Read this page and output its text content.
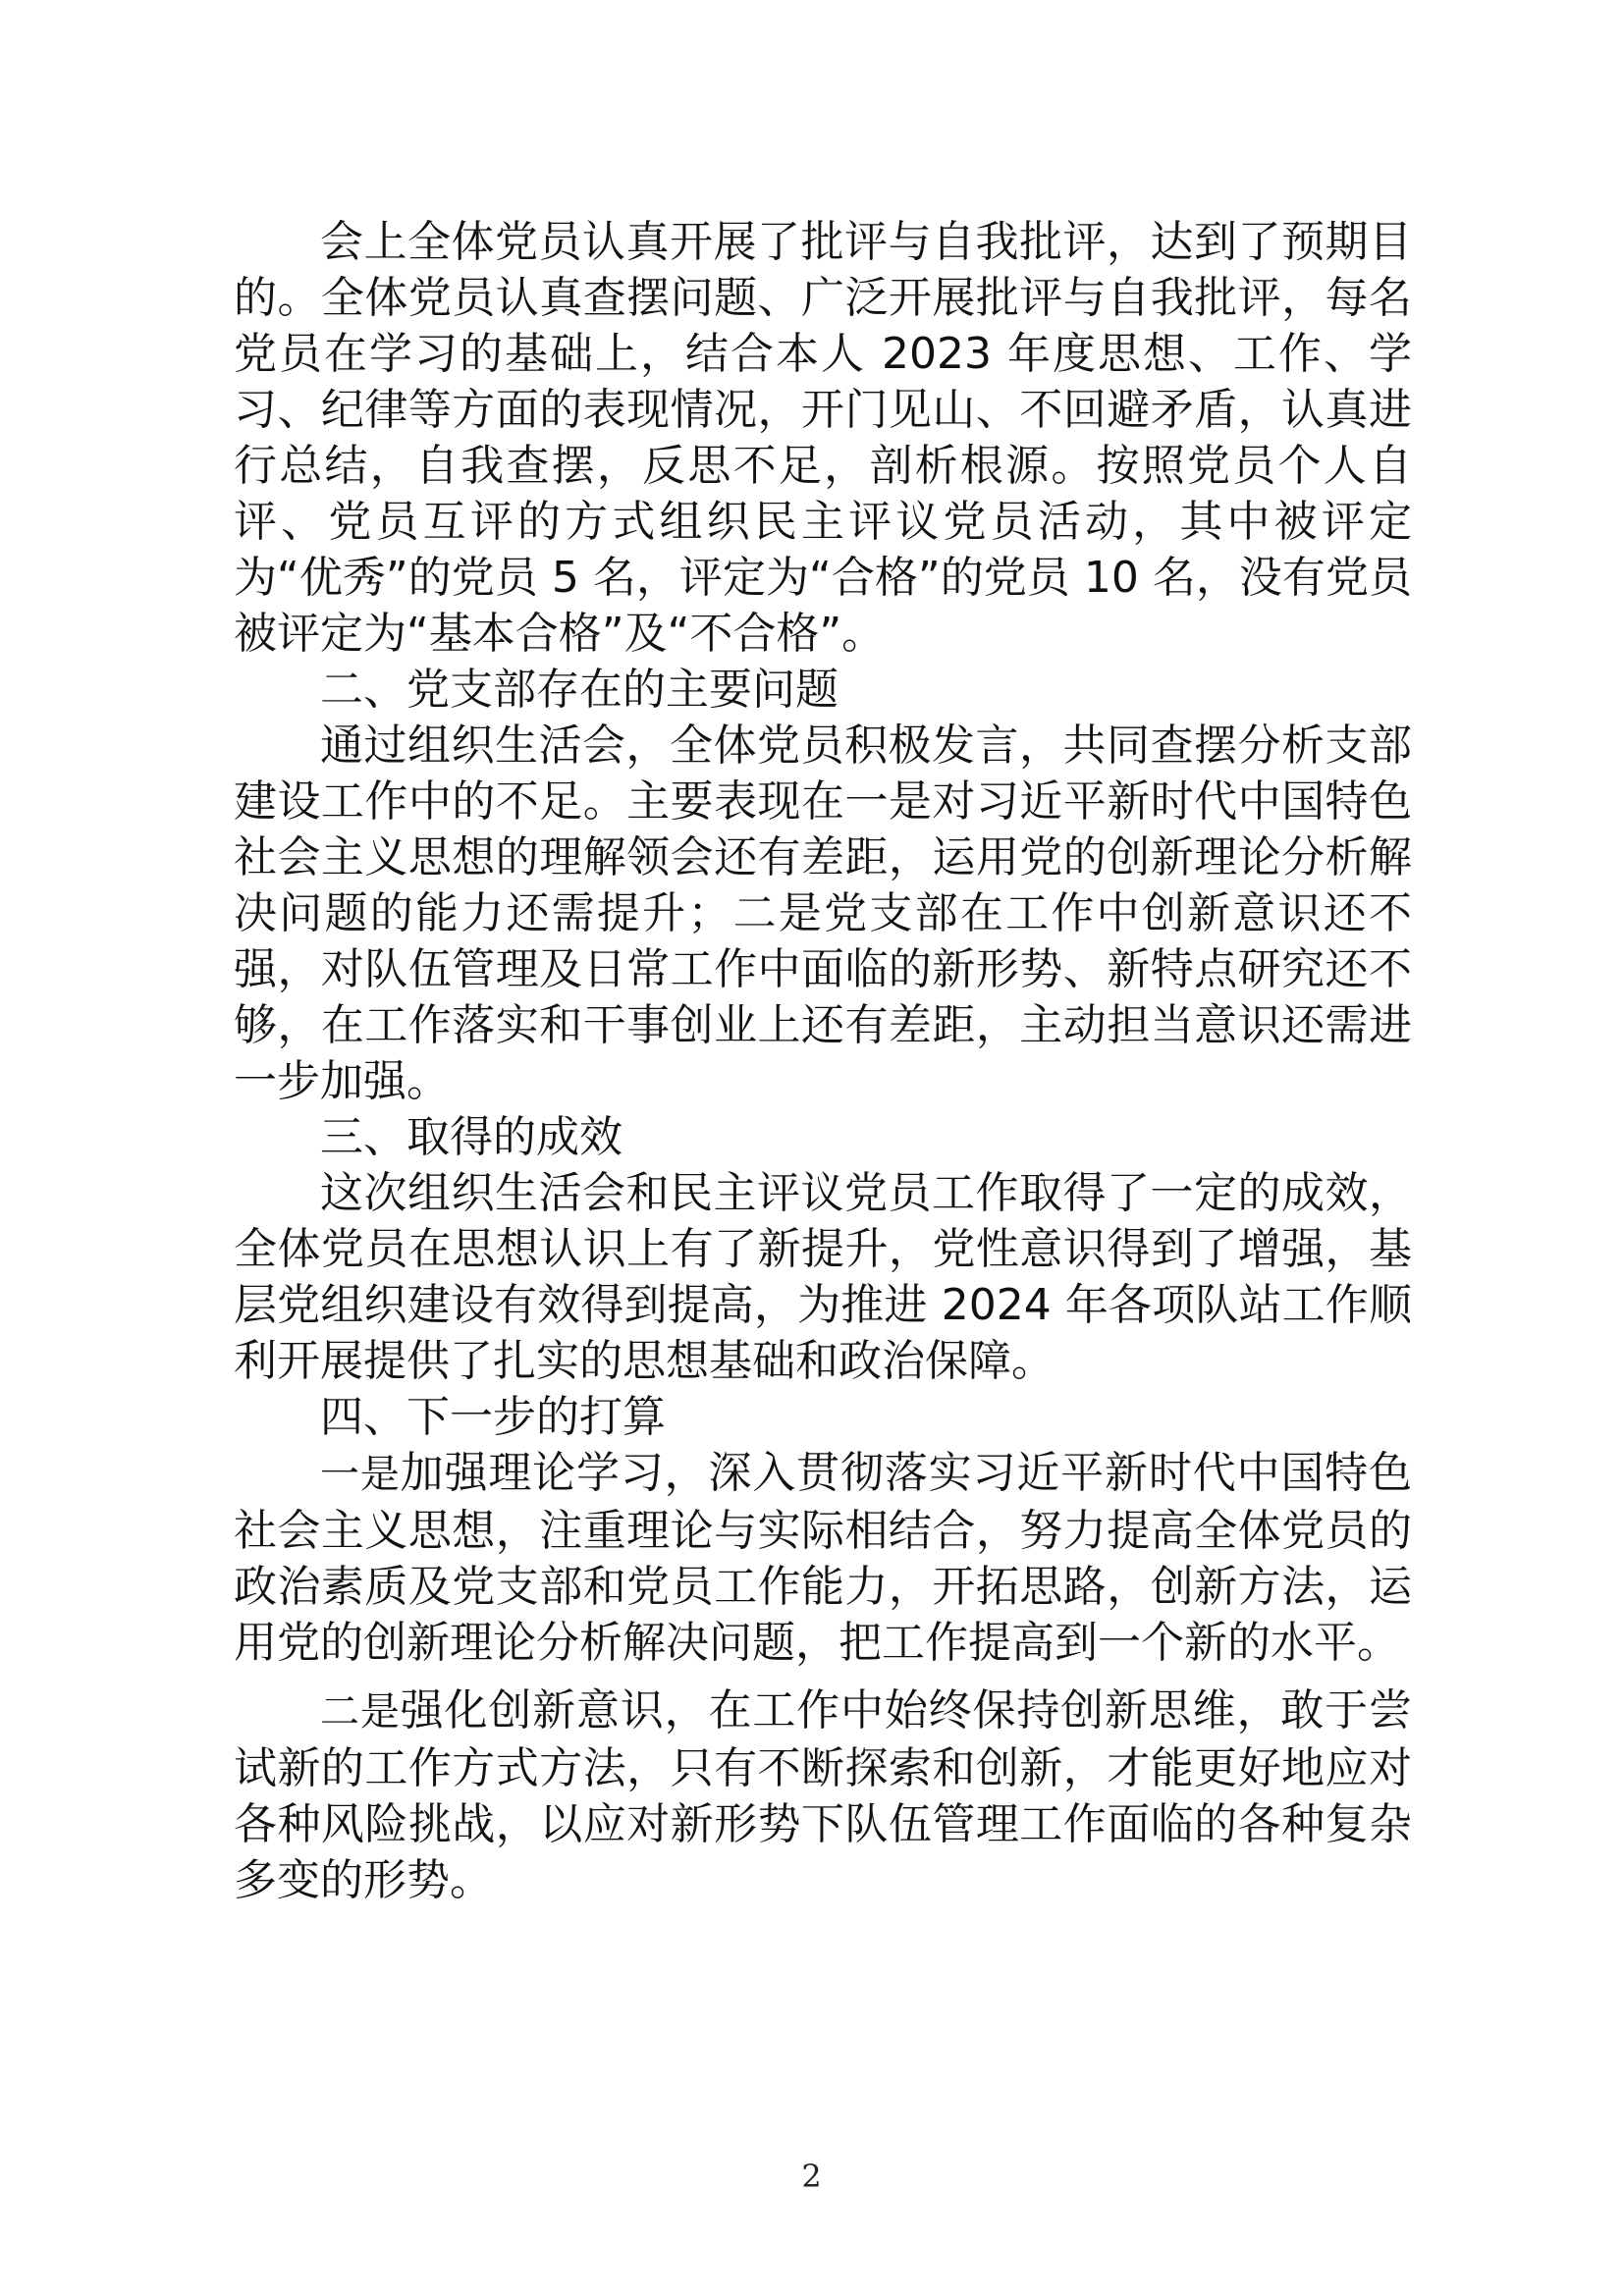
会上全体党员认真开展了批评与自我批评，达到了预期目的。全体党员认真查摆问题、广泛开展批评与自我批评，每名党员在学习的基础上，结合本人 2023 年度思想、工作、学习、纪律等方面的表现情况，开门见山、不回避矛盾，认真进行总结，自我查摆，反思不足，剖析根源。按照党员个人自评、党员互评的方式组织民主评议党员活动，其中被评定为“优秀”的党员 5 名，评定为“合格”的党员 10 名，没有党员被评定为“基本合格”及“不合格”。

二、党支部存在的主要问题

通过组织生活会，全体党员积极发言，共同查摆分析支部建设工作中的不足。主要表现在一是对习近平新时代中国特色社会主义思想的理解领会还有差距，运用党的创新理论分析解决问题的能力还需提升；二是党支部在工作中创新意识还不强，对队伍管理及日常工作中面临的新形势、新特点研究还不够，在工作落实和干事创业上还有差距，主动担当意识还需进一步加强。

三、取得的成效

这次组织生活会和民主评议党员工作取得了一定的成效，全体党员在思想认识上有了新提升，党性意识得到了增强，基层党组织建设有效得到提高，为推进 2024 年各项队站工作顺利开展提供了扎实的思想基础和政治保障。

四、下一步的打算

一是加强理论学习，深入贯彻落实习近平新时代中国特色社会主义思想，注重理论与实际相结合，努力提高全体党员的政治素质及党支部和党员工作能力，开拓思路，创新方法，运用党的创新理论分析解决问题，把工作提高到一个新的水平。

二是强化创新意识，在工作中始终保持创新思维，敢于尝试新的工作方式方法，只有不断探索和创新，才能更好地应对各种风险挑战，以应对新形势下队伍管理工作面临的各种复杂多变的形势。

2
